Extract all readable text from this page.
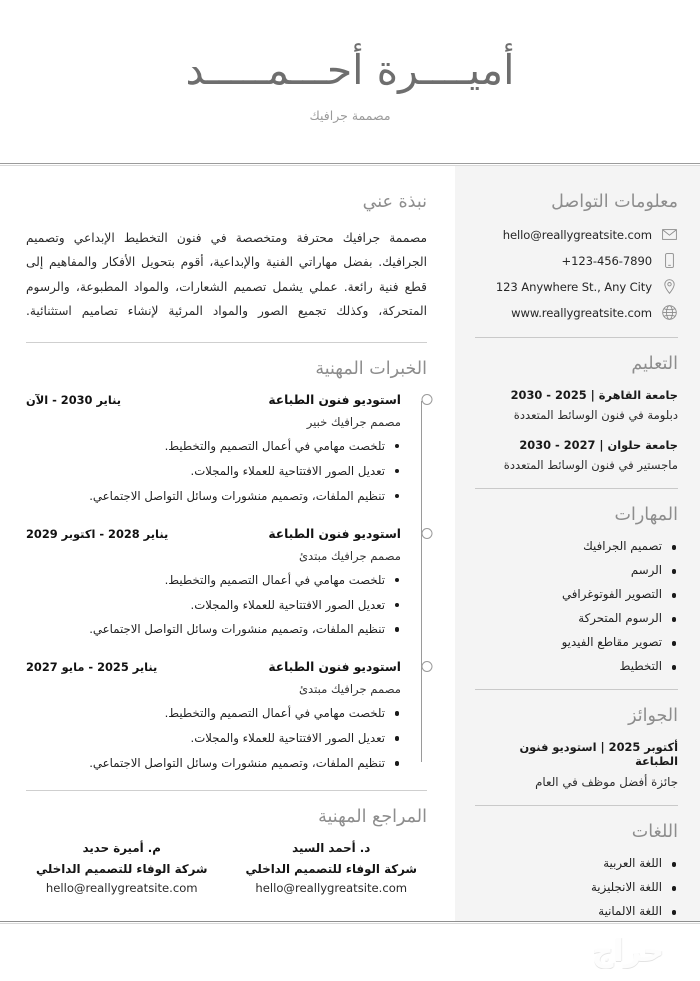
أميــــرة أحـــمـــــد
مصممة جرافيك
نبذة عني

مصممة جرافيك محترفة ومتخصصة في فنون التخطيط الإبداعي وتصميم الجرافيك. بفضل مهاراتي الفنية والإبداعية، أقوم بتحويل الأفكار والمفاهيم إلى قطع فنية رائعة. عملي يشمل تصميم الشعارات، والمواد المطبوعة، والرسوم المتحركة، وكذلك تجميع الصور والمواد المرئية لإنشاء تصاميم استثنائية.

الخبرات المهنية
استوديو فنون الطباعة
يناير 2030 - الآن
مصمم جرافيك خبير
تلخصت مهامي في أعمال التصميم والتخطيط.
تعديل الصور الافتتاحية للعملاء والمجلات.
تنظيم الملفات، وتصميم منشورات وسائل التواصل الاجتماعي.
استوديو فنون الطباعة
يناير 2028 - اكتوبر 2029
مصمم جرافيك مبتدئ
تلخصت مهامي في أعمال التصميم والتخطيط.
تعديل الصور الافتتاحية للعملاء والمجلات.
تنظيم الملفات، وتصميم منشورات وسائل التواصل الاجتماعي.
استوديو فنون الطباعة
يناير 2025 - مايو 2027
مصمم جرافيك مبتدئ
تلخصت مهامي في أعمال التصميم والتخطيط.
تعديل الصور الافتتاحية للعملاء والمجلات.
تنظيم الملفات، وتصميم منشورات وسائل التواصل الاجتماعي.
المراجع المهنية
د. أحمد السيد
شركة الوفاء للتصميم الداخلي
hello@reallygreatsite.com
م. أميرة حديد
شركة الوفاء للتصميم الداخلي
hello@reallygreatsite.com
معلومات التواصل
hello@reallygreatsite.com
+123-456-7890
123 Anywhere St., Any City
www.reallygreatsite.com
التعليم
جامعة القاهرة | 2025 - 2030
دبلومة في فنون الوسائط المتعددة
جامعة حلوان | 2027 - 2030
ماجستير في فنون الوسائط المتعددة
المهارات
تصميم الجرافيك
الرسم
التصوير الفوتوغرافي
الرسوم المتحركة
تصوير مقاطع الفيديو
التخطيط
الجوائز
أكتوبر 2025 | استوديو فنون الطباعة
جائزة أفضل موظف في العام
اللغات
اللغة العربية
اللغة الانجليزية
اللغة الالمانية
حراج
